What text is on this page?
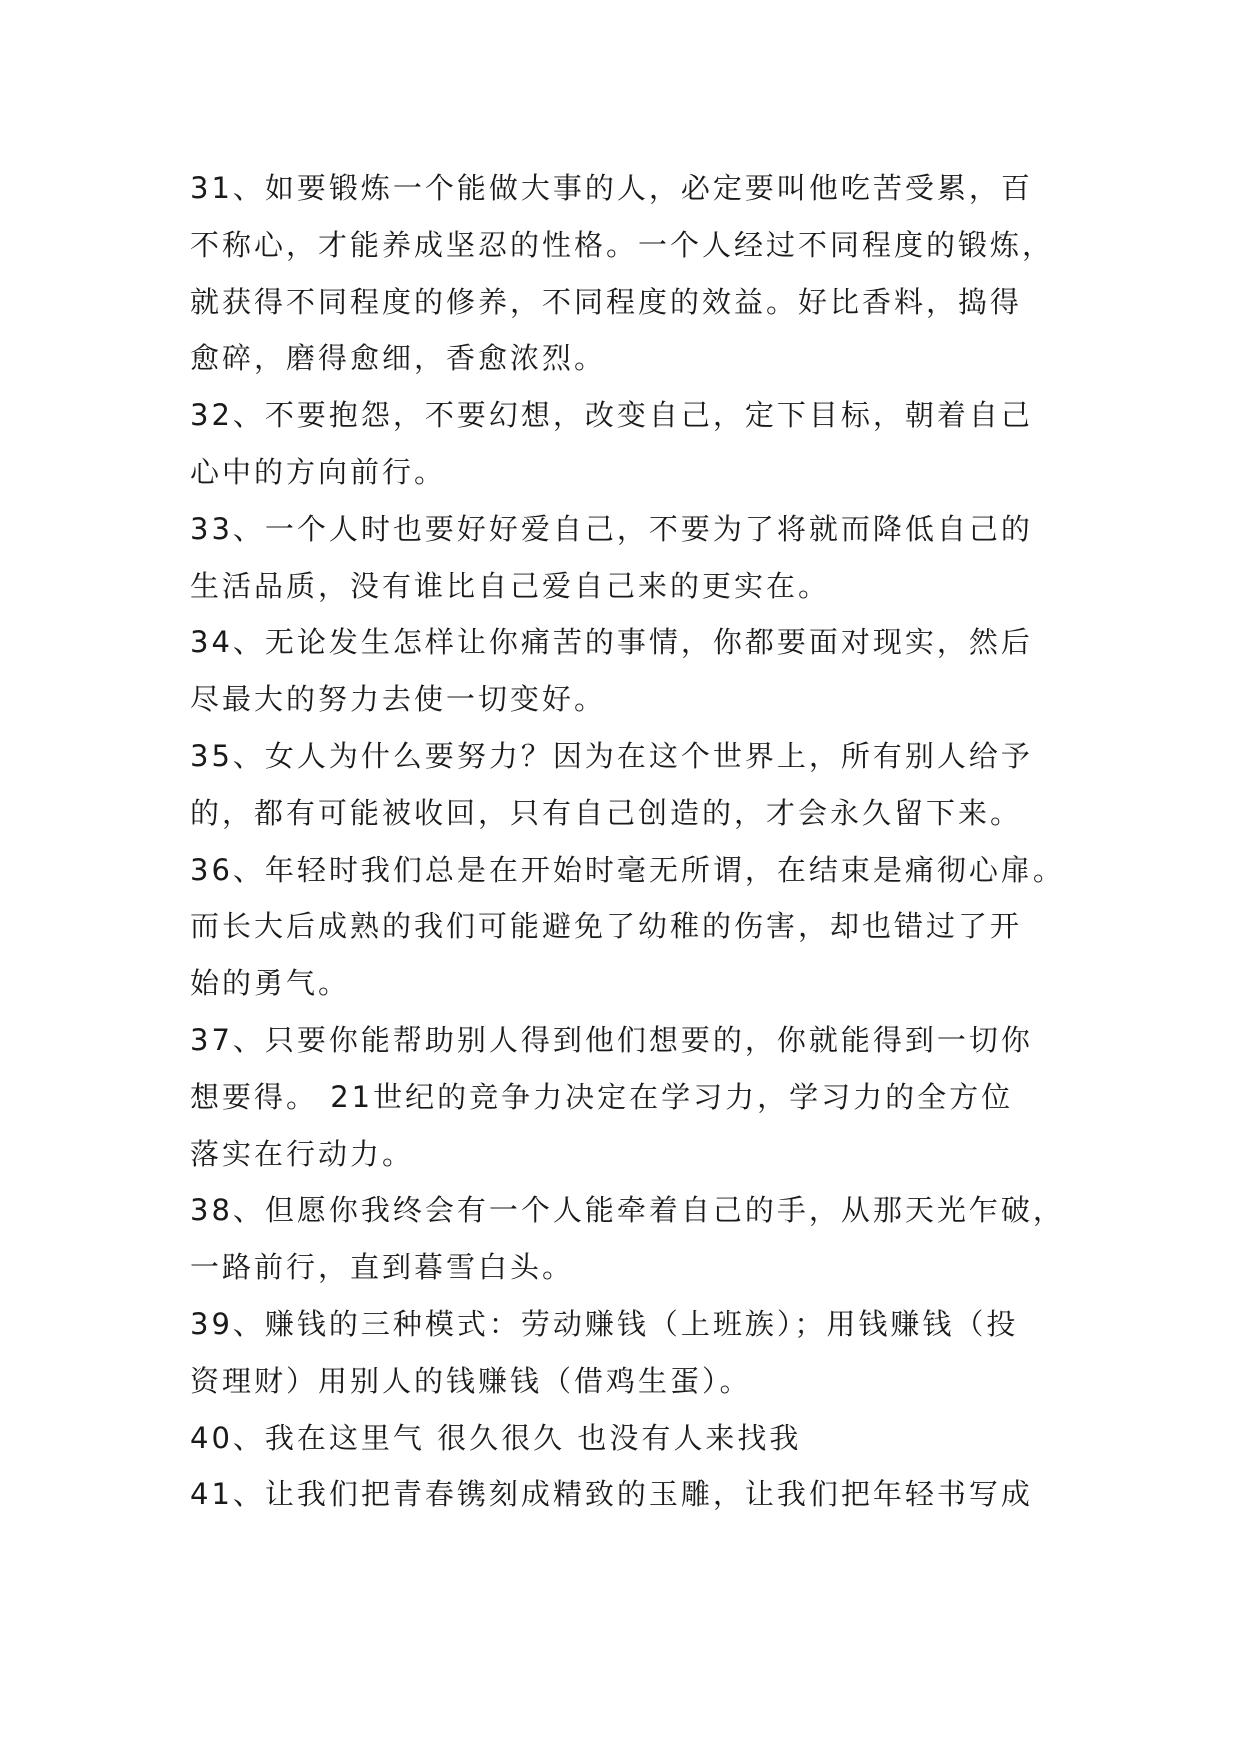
31、如要锻炼一个能做大事的人，必定要叫他吃苦受累，百
不称心，才能养成坚忍的性格。一个人经过不同程度的锻炼，
就获得不同程度的修养，不同程度的效益。好比香料，捣得
愈碎，磨得愈细，香愈浓烈。
32、不要抱怨，不要幻想，改变自己，定下目标，朝着自己
心中的方向前行。
33、一个人时也要好好爱自己，不要为了将就而降低自己的
生活品质，没有谁比自己爱自己来的更实在。
34、无论发生怎样让你痛苦的事情，你都要面对现实，然后
尽最大的努力去使一切变好。
35、女人为什么要努力？因为在这个世界上，所有别人给予
的，都有可能被收回，只有自己创造的，才会永久留下来。
36、年轻时我们总是在开始时毫无所谓，在结束是痛彻心扉。
而长大后成熟的我们可能避免了幼稚的伤害，却也错过了开
始的勇气。
37、只要你能帮助别人得到他们想要的，你就能得到一切你
想要得。 21世纪的竞争力决定在学习力，学习力的全方位
落实在行动力。
38、但愿你我终会有一个人能牵着自己的手，从那天光乍破，
一路前行，直到暮雪白头。
39、赚钱的三种模式：劳动赚钱（上班族）；用钱赚钱（投
资理财）用别人的钱赚钱（借鸡生蛋）。
40、我在这里气 很久很久 也没有人来找我
41、让我们把青春镌刻成精致的玉雕，让我们把年轻书写成
